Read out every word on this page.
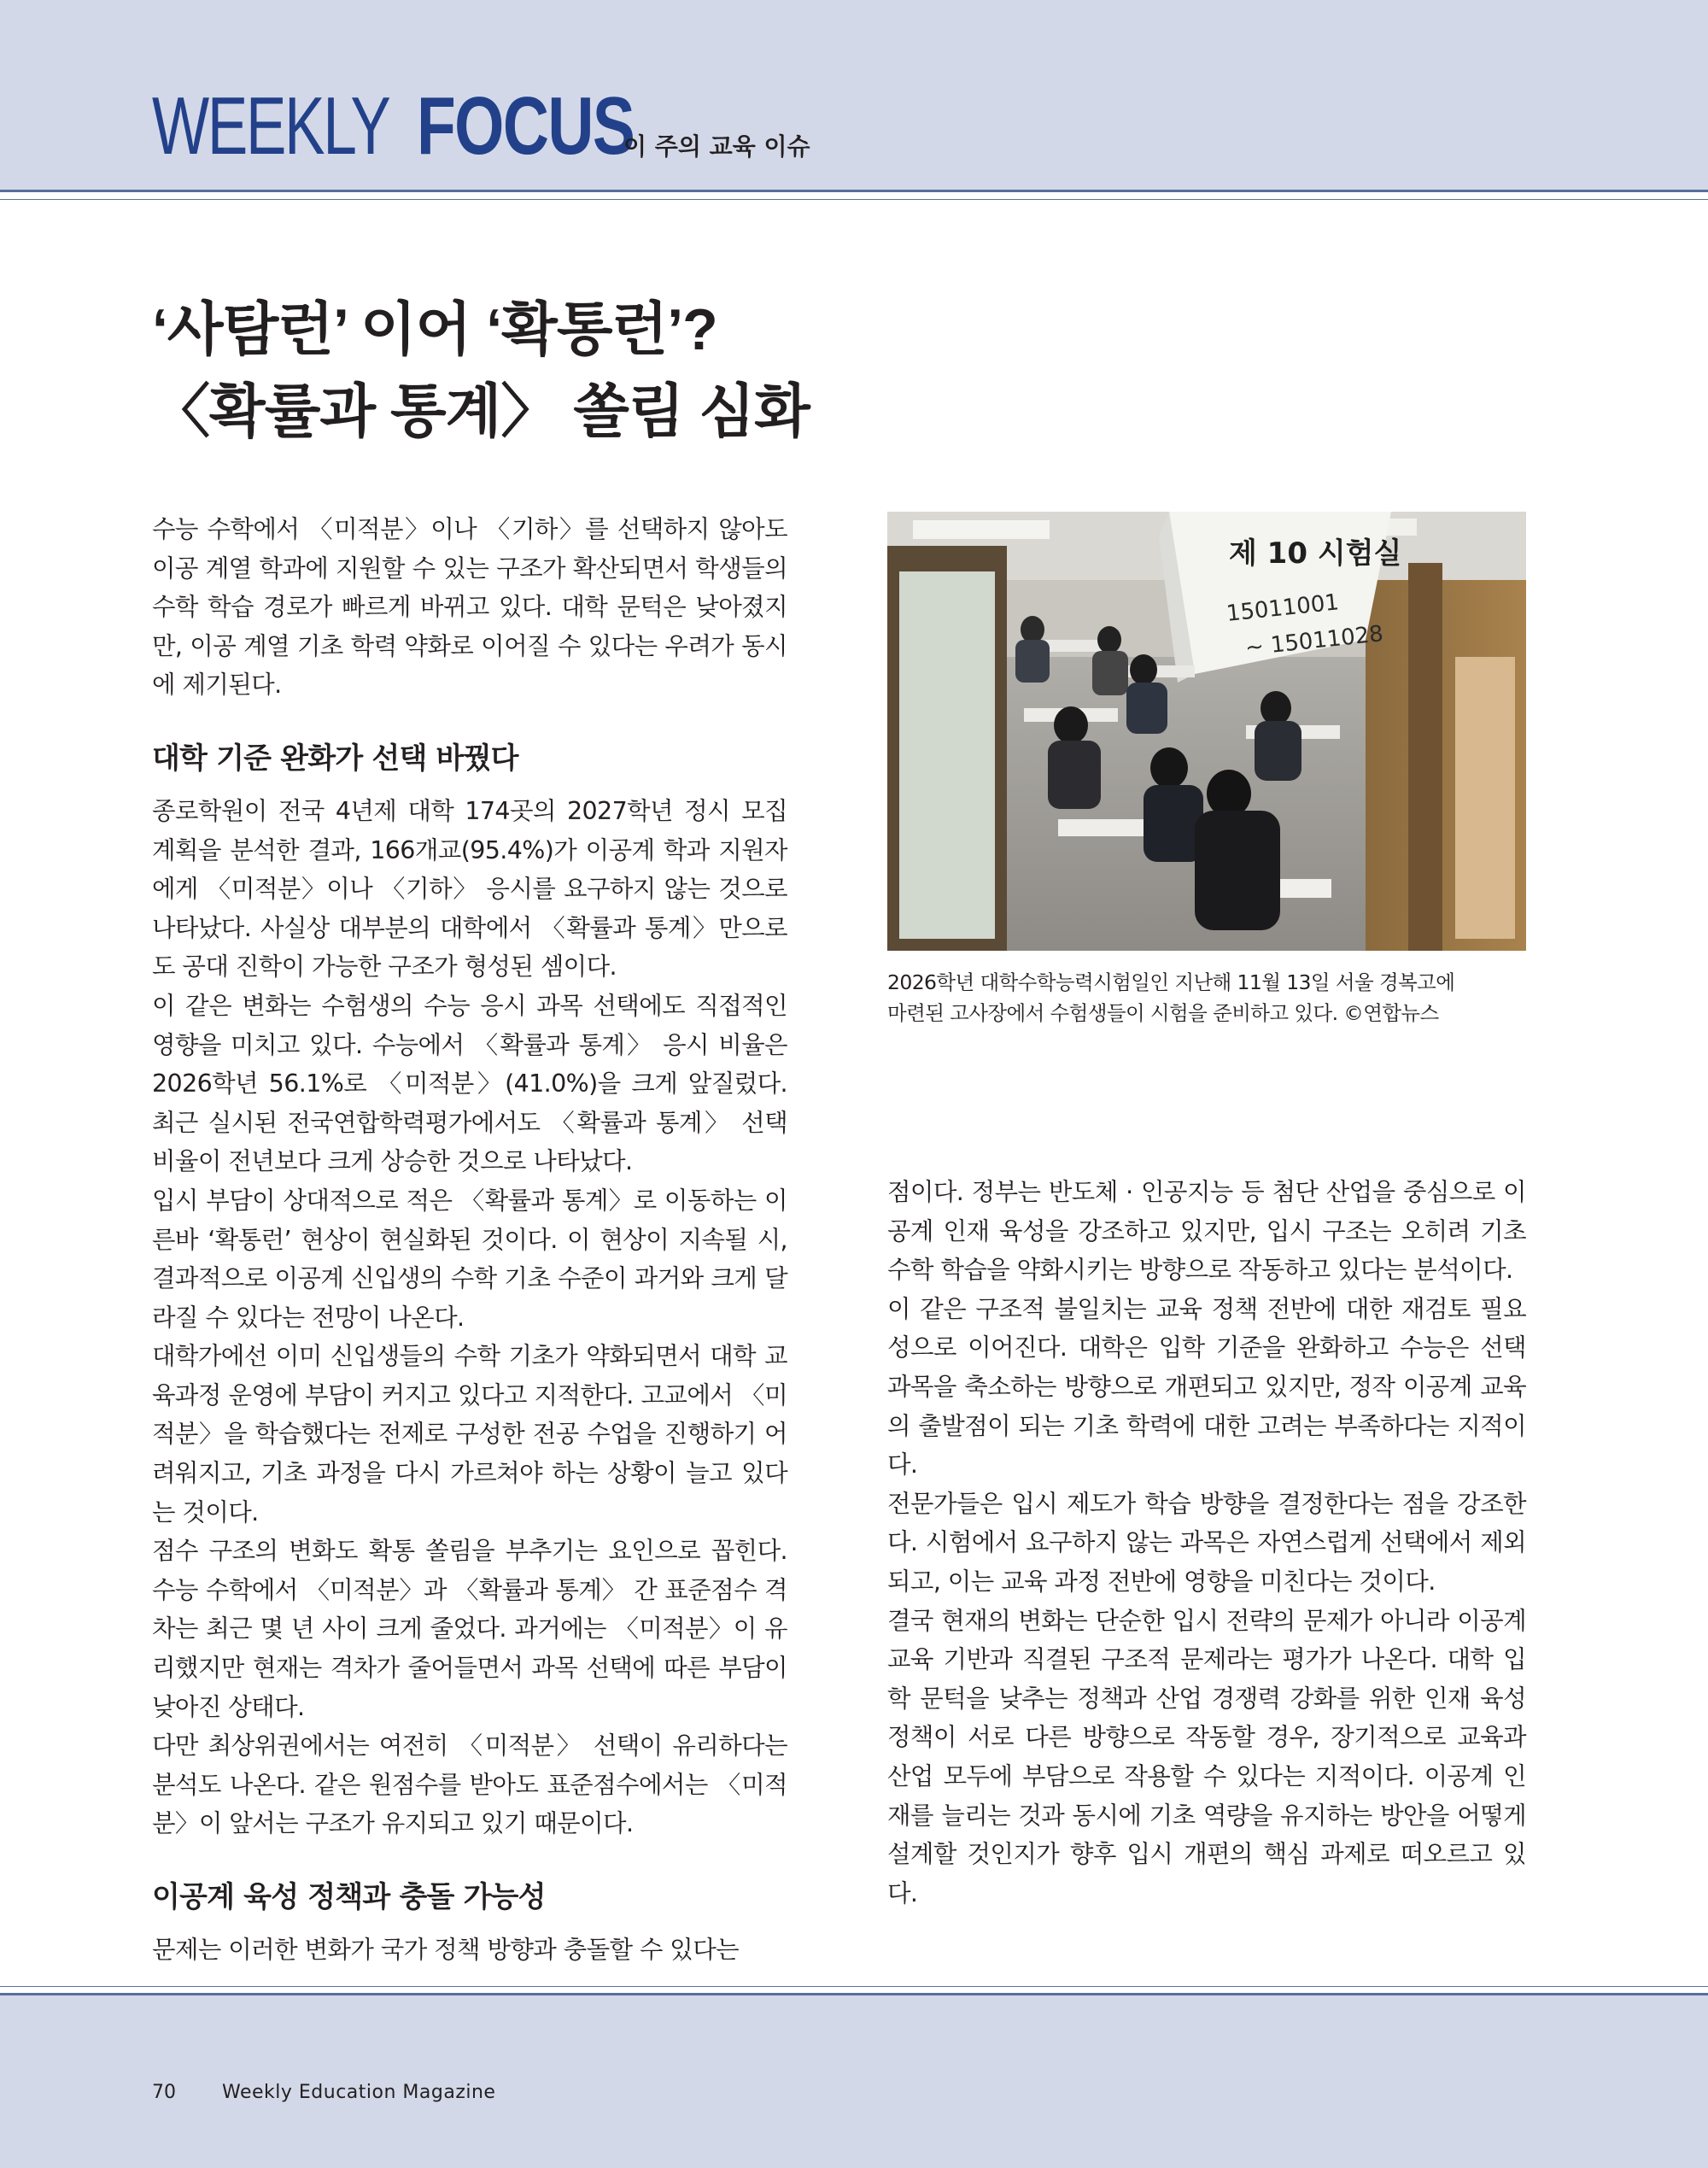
WEEKLY FOCUS
이 주의 교육 이슈
‘사탐런’ 이어 ‘확통런’?
〈확률과 통계〉 쏠림 심화

수능 수학에서 〈미적분〉이나 〈기하〉를 선택하지 않아도 이공 계열 학과에 지원할 수 있는 구조가 확산되면서 학생들의 수학 학습 경로가 빠르게 바뀌고 있다. 대학 문턱은 낮아졌지만, 이공 계열 기초 학력 약화로 이어질 수 있다는 우려가 동시에 제기된다.

대학 기준 완화가 선택 바꿨다

종로학원이 전국 4년제 대학 174곳의 2027학년 정시 모집 계획을 분석한 결과, 166개교(95.4%)가 이공계 학과 지원자에게 〈미적분〉이나 〈기하〉 응시를 요구하지 않는 것으로 나타났다. 사실상 대부분의 대학에서 〈확률과 통계〉만으로도 공대 진학이 가능한 구조가 형성된 셈이다.

이 같은 변화는 수험생의 수능 응시 과목 선택에도 직접적인 영향을 미치고 있다. 수능에서 〈확률과 통계〉 응시 비율은 2026학년 56.1%로 〈미적분〉(41.0%)을 크게 앞질렀다. 최근 실시된 전국연합학력평가에서도 〈확률과 통계〉 선택 비율이 전년보다 크게 상승한 것으로 나타났다.

입시 부담이 상대적으로 적은 〈확률과 통계〉로 이동하는 이른바 ‘확통런’ 현상이 현실화된 것이다. 이 현상이 지속될 시, 결과적으로 이공계 신입생의 수학 기초 수준이 과거와 크게 달라질 수 있다는 전망이 나온다.

대학가에선 이미 신입생들의 수학 기초가 약화되면서 대학 교육과정 운영에 부담이 커지고 있다고 지적한다. 고교에서 〈미적분〉을 학습했다는 전제로 구성한 전공 수업을 진행하기 어려워지고, 기초 과정을 다시 가르쳐야 하는 상황이 늘고 있다는 것이다.

점수 구조의 변화도 확통 쏠림을 부추기는 요인으로 꼽힌다. 수능 수학에서 〈미적분〉과 〈확률과 통계〉 간 표준점수 격차는 최근 몇 년 사이 크게 줄었다. 과거에는 〈미적분〉이 유리했지만 현재는 격차가 줄어들면서 과목 선택에 따른 부담이 낮아진 상태다.

다만 최상위권에서는 여전히 〈미적분〉 선택이 유리하다는 분석도 나온다. 같은 원점수를 받아도 표준점수에서는 〈미적분〉이 앞서는 구조가 유지되고 있기 때문이다.

이공계 육성 정책과 충돌 가능성

문제는 이러한 변화가 국가 정책 방향과 충돌할 수 있다는

제 10 시험실
15011001
~ 15011028
2026학년 대학수학능력시험일인 지난해 11월 13일 서울 경복고에
마련된 고사장에서 수험생들이 시험을 준비하고 있다. ©연합뉴스

점이다. 정부는 반도체 · 인공지능 등 첨단 산업을 중심으로 이공계 인재 육성을 강조하고 있지만, 입시 구조는 오히려 기초 수학 학습을 약화시키는 방향으로 작동하고 있다는 분석이다.

이 같은 구조적 불일치는 교육 정책 전반에 대한 재검토 필요성으로 이어진다. 대학은 입학 기준을 완화하고 수능은 선택 과목을 축소하는 방향으로 개편되고 있지만, 정작 이공계 교육의 출발점이 되는 기초 학력에 대한 고려는 부족하다는 지적이다.

전문가들은 입시 제도가 학습 방향을 결정한다는 점을 강조한다. 시험에서 요구하지 않는 과목은 자연스럽게 선택에서 제외되고, 이는 교육 과정 전반에 영향을 미친다는 것이다.

결국 현재의 변화는 단순한 입시 전략의 문제가 아니라 이공계 교육 기반과 직결된 구조적 문제라는 평가가 나온다. 대학 입학 문턱을 낮추는 정책과 산업 경쟁력 강화를 위한 인재 육성 정책이 서로 다른 방향으로 작동할 경우, 장기적으로 교육과 산업 모두에 부담으로 작용할 수 있다는 지적이다. 이공계 인재를 늘리는 것과 동시에 기초 역량을 유지하는 방안을 어떻게 설계할 것인지가 향후 입시 개편의 핵심 과제로 떠오르고 있다.

70 Weekly Education Magazine
